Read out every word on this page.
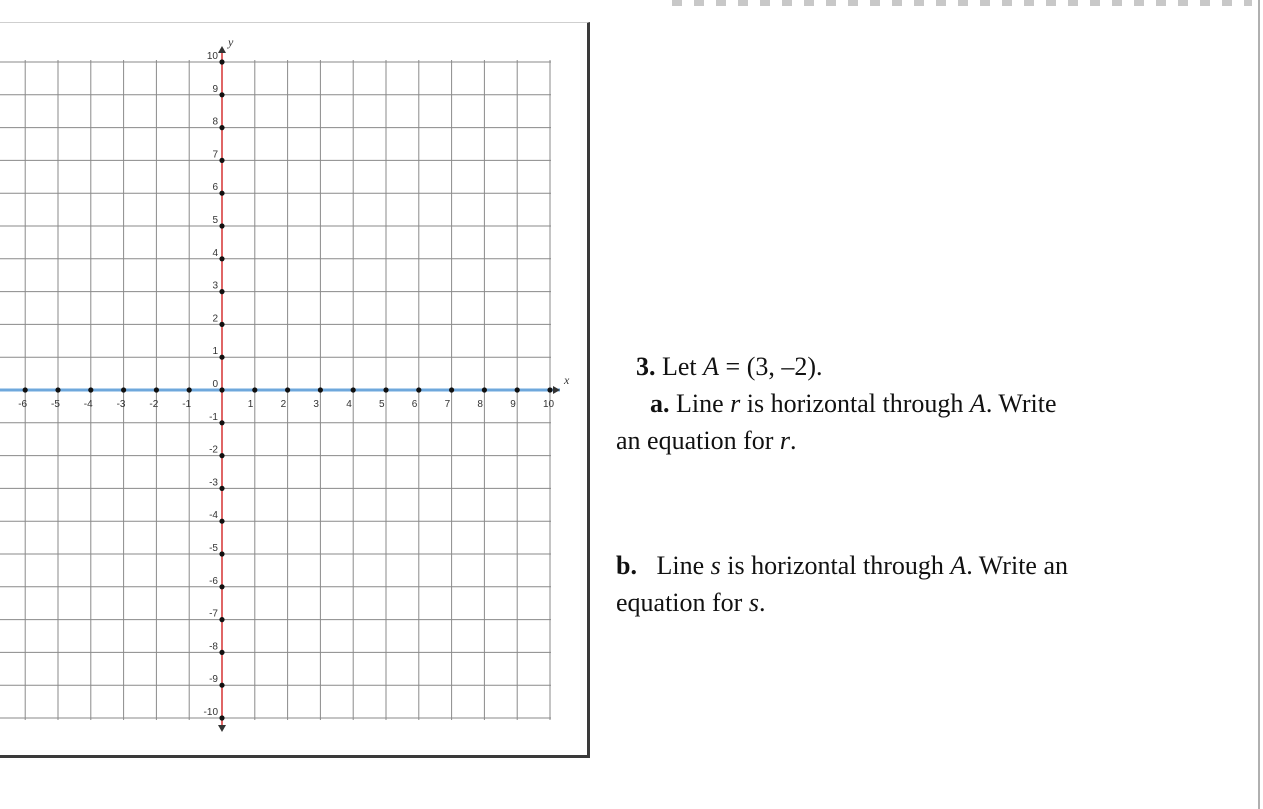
-6 -5 -4 -3 -2 -1	1	2	3	4	5	6	7	8	9	10
10
9
8
7
6
5
4
3
2
1
0
-1
-2
-3
-4
-5
-6
-7
-8
-9
-10
x
y

3. Let A = (3, –2).

a. Line r is horizontal through A. Write

an equation for r.

b.   Line s is horizontal through A. Write an

equation for s.
